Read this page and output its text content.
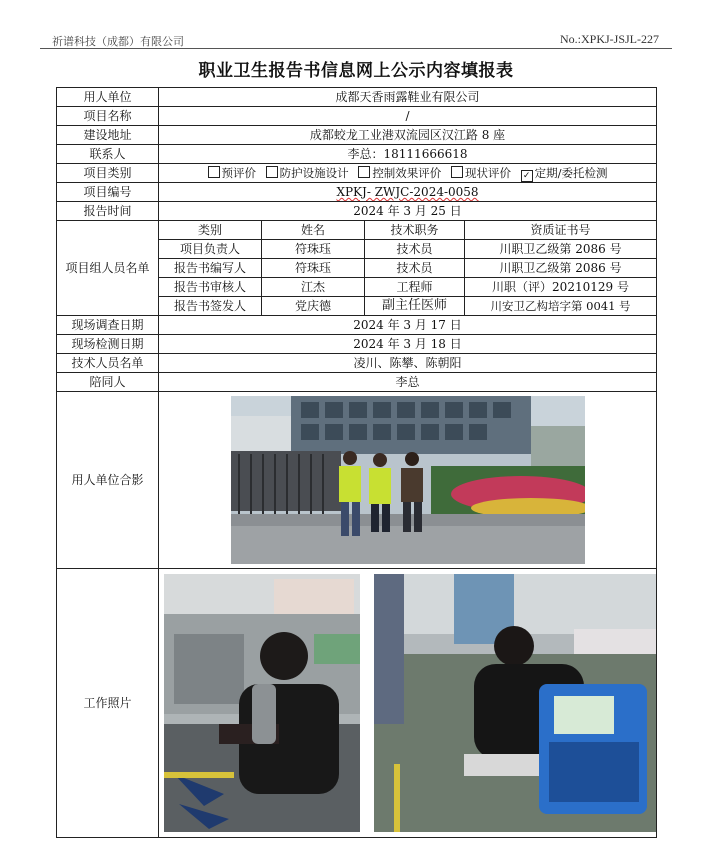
祈谱科技（成都）有限公司	No.:XPKJ-JSJL-227
职业卫生报告书信息网上公示内容填报表
用人单位	成都天香雨露鞋业有限公司			
项目名称	/			
建设地址	成都蛟龙工业港双流园区汉江路 8 座			
联系人	李总：18111666618			
项目类别	预评价 防护设施设计 控制效果评价 现状评价 ✓ 定期/委托检测			
项目编号	XPKJ- ZWJC-2024-0058			
报告时间	2024 年 3 月 25 日			
项目组人员名单	类别	姓名	技术职务	资质证书号
	项目负责人	符珠珏	技术员	川职卫乙级第 2086 号
	报告书编写人	符珠珏	技术员	川职卫乙级第 2086 号
	报告书审核人	江杰	工程师	川职（评）20210129 号
	报告书签发人	党庆德	副主任医师	川安卫乙构培字第 0041 号
现场调查日期	2024 年 3 月 17 日			
现场检测日期	2024 年 3 月 18 日			
技术人员名单	凌川、陈攀、陈朝阳			
陪同人	李总			
用人单位合影	

工作照片	
